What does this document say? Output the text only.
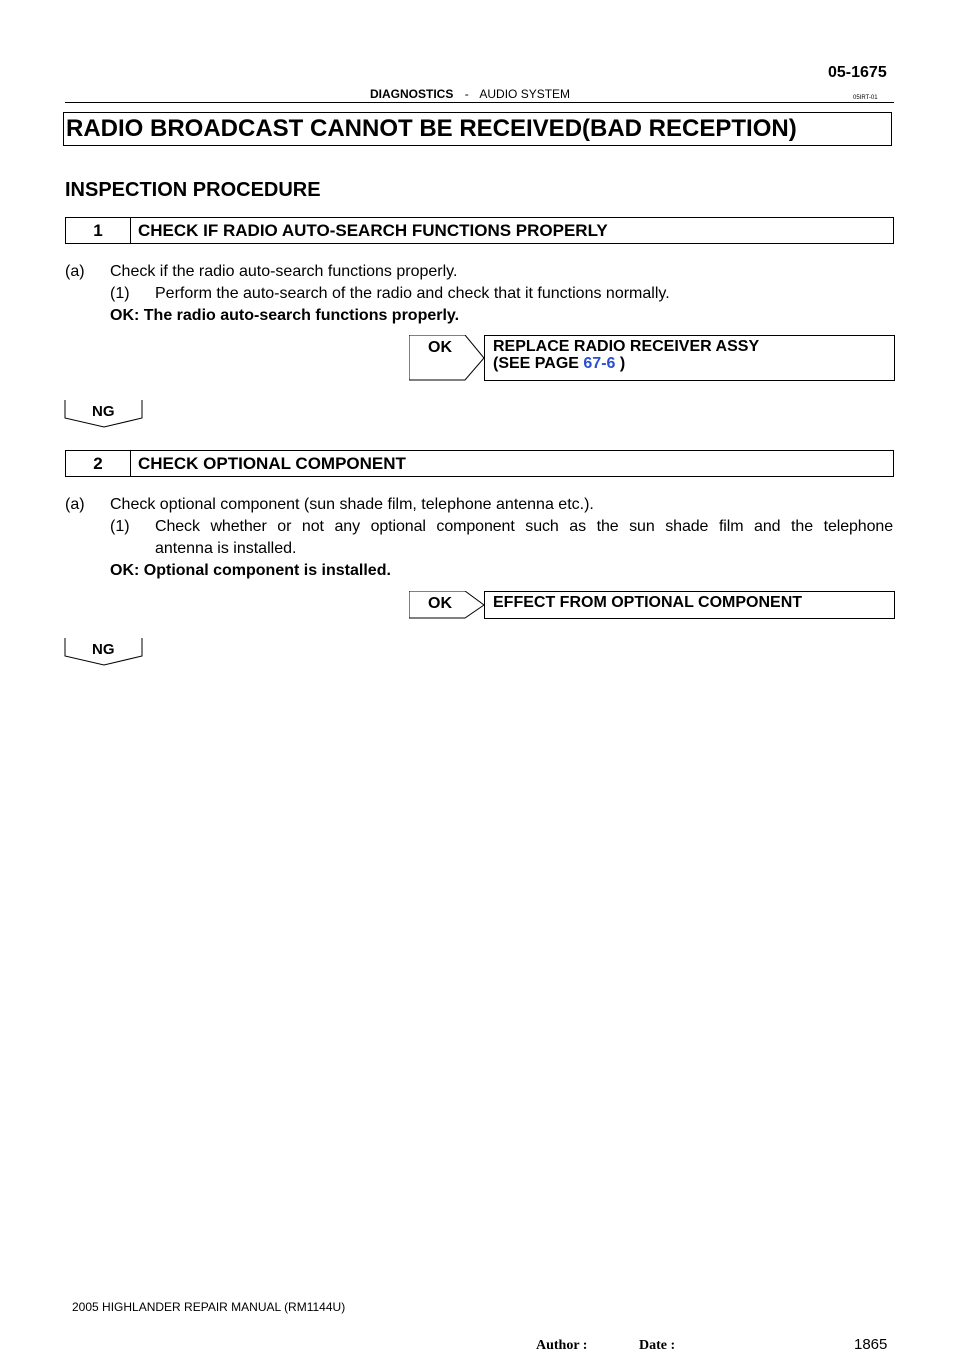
05-1675
DIAGNOSTICS - AUDIO SYSTEM	05IRT-01
RADIO BROADCAST CANNOT BE RECEIVED(BAD RECEPTION)
INSPECTION PROCEDURE
1	CHECK IF RADIO AUTO-SEARCH FUNCTIONS PROPERLY
(a) Check if the radio auto-search functions properly.
(1) Perform the auto-search of the radio and check that it functions normally.
OK: The radio auto-search functions properly.
OK	REPLACE RADIO RECEIVER ASSY
(SEE PAGE 67-6 )
NG
2	CHECK OPTIONAL COMPONENT
(a) Check optional component (sun shade film, telephone antenna etc.).
(1) Check whether or not any optional component such as the sun shade film and the telephone
antenna is installed.
OK: Optional component is installed.
OK	EFFECT FROM OPTIONAL COMPONENT
NG
2005 HIGHLANDER REPAIR MANUAL (RM1144U)
Author :	Date :	1865
